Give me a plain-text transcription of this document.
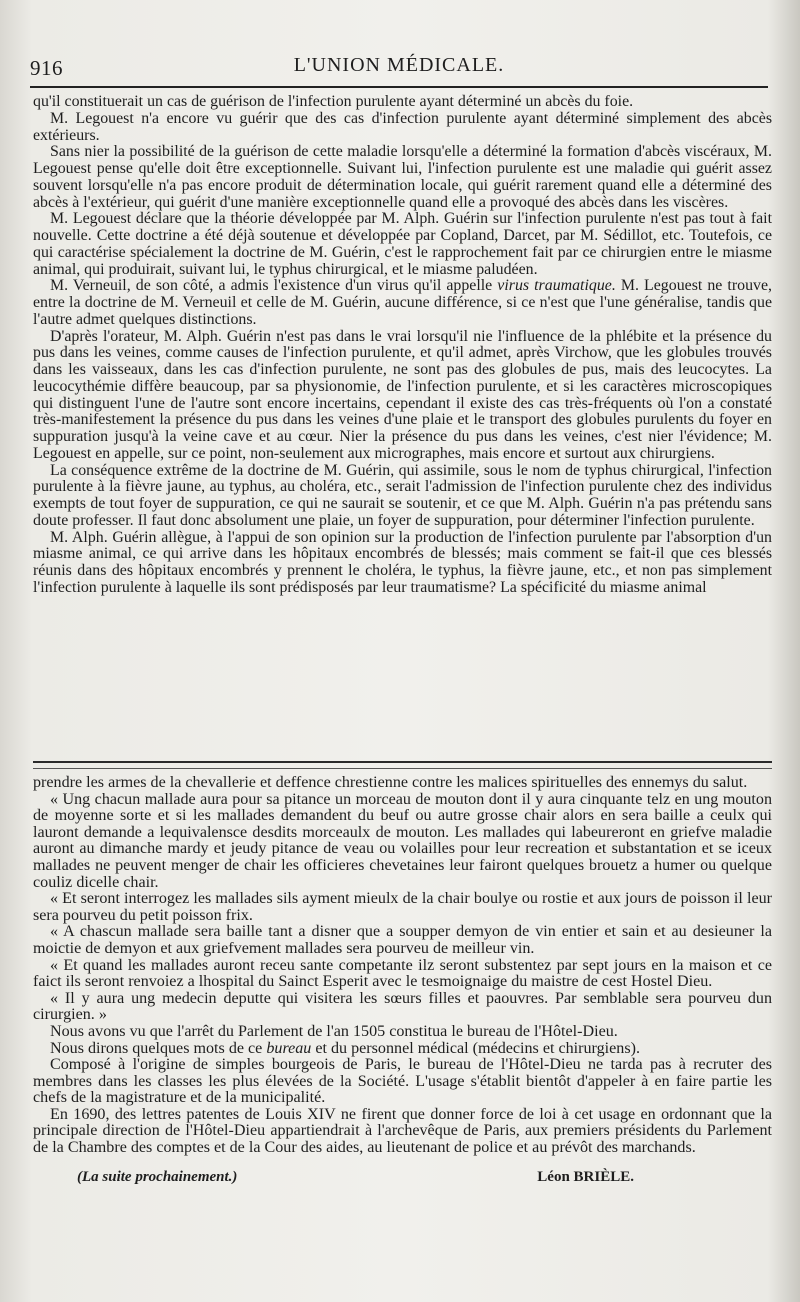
916	L'UNION MÉDICALE.

qu'il constituerait un cas de guérison de l'infection purulente ayant déterminé un abcès du foie.

M. Legouest n'a encore vu guérir que des cas d'infection purulente ayant déterminé simplement des abcès extérieurs.

Sans nier la possibilité de la guérison de cette maladie lorsqu'elle a déterminé la formation d'abcès viscéraux, M. Legouest pense qu'elle doit être exceptionnelle. Suivant lui, l'infection purulente est une maladie qui guérit assez souvent lorsqu'elle n'a pas encore produit de détermination locale, qui guérit rarement quand elle a déterminé des abcès à l'extérieur, qui guérit d'une manière exceptionnelle quand elle a provoqué des abcès dans les viscères.

M. Legouest déclare que la théorie développée par M. Alph. Guérin sur l'infection purulente n'est pas tout à fait nouvelle. Cette doctrine a été déjà soutenue et développée par Copland, Darcet, par M. Sédillot, etc. Toutefois, ce qui caractérise spécialement la doctrine de M. Guérin, c'est le rapprochement fait par ce chirurgien entre le miasme animal, qui produirait, suivant lui, le typhus chirurgical, et le miasme paludéen.

M. Verneuil, de son côté, a admis l'existence d'un virus qu'il appelle virus traumatique. M. Legouest ne trouve, entre la doctrine de M. Verneuil et celle de M. Guérin, aucune différence, si ce n'est que l'une généralise, tandis que l'autre admet quelques distinctions.

D'après l'orateur, M. Alph. Guérin n'est pas dans le vrai lorsqu'il nie l'influence de la phlébite et la présence du pus dans les veines, comme causes de l'infection purulente, et qu'il admet, après Virchow, que les globules trouvés dans les vaisseaux, dans les cas d'infection purulente, ne sont pas des globules de pus, mais des leucocytes. La leucocythémie diffère beaucoup, par sa physionomie, de l'infection purulente, et si les caractères microscopiques qui distinguent l'une de l'autre sont encore incertains, cependant il existe des cas très-fréquents où l'on a constaté très-manifestement la présence du pus dans les veines d'une plaie et le transport des globules purulents du foyer en suppuration jusqu'à la veine cave et au cœur. Nier la présence du pus dans les veines, c'est nier l'évidence; M. Legouest en appelle, sur ce point, non-seulement aux micrographes, mais encore et surtout aux chirurgiens.

La conséquence extrême de la doctrine de M. Guérin, qui assimile, sous le nom de typhus chirurgical, l'infection purulente à la fièvre jaune, au typhus, au choléra, etc., serait l'admission de l'infection purulente chez des individus exempts de tout foyer de suppuration, ce qui ne saurait se soutenir, et ce que M. Alph. Guérin n'a pas prétendu sans doute professer. Il faut donc absolument une plaie, un foyer de suppuration, pour déterminer l'infection purulente.

M. Alph. Guérin allègue, à l'appui de son opinion sur la production de l'infection purulente par l'absorption d'un miasme animal, ce qui arrive dans les hôpitaux encombrés de blessés; mais comment se fait-il que ces blessés réunis dans des hôpitaux encombrés y prennent le choléra, le typhus, la fièvre jaune, etc., et non pas simplement l'infection purulente à laquelle ils sont prédisposés par leur traumatisme? La spécificité du miasme animal

prendre les armes de la chevallerie et deffence chrestienne contre les malices spirituelles des ennemys du salut.

« Ung chacun mallade aura pour sa pitance un morceau de mouton dont il y aura cinquante telz en ung mouton de moyenne sorte et si les mallades demandent du beuf ou autre grosse chair alors en sera baille a ceulx qui lauront demande a lequivalensce desdits morceaulx de mouton. Les mallades qui labeureront en griefve maladie auront au dimanche mardy et jeudy pitance de veau ou volailles pour leur recreation et substantation et se iceux mallades ne peuvent menger de chair les officieres chevetaines leur fairont quelques brouetz a humer ou quelque couliz dicelle chair.

« Et seront interrogez les mallades sils ayment mieulx de la chair boulye ou rostie et aux jours de poisson il leur sera pourveu du petit poisson frix.

« A chascun mallade sera baille tant a disner que a soupper demyon de vin entier et sain et au desieuner la moictie de demyon et aux griefvement mallades sera pourveu de meilleur vin.

« Et quand les mallades auront receu sante competante ilz seront substentez par sept jours en la maison et ce faict ils seront renvoiez a lhospital du Sainct Esperit avec le tesmoignaige du maistre de cest Hostel Dieu.

« Il y aura ung medecin deputte qui visitera les sœurs filles et paouvres. Par semblable sera pourveu dun cirurgien. »

Nous avons vu que l'arrêt du Parlement de l'an 1505 constitua le bureau de l'Hôtel-Dieu.

Nous dirons quelques mots de ce bureau et du personnel médical (médecins et chirurgiens).

Composé à l'origine de simples bourgeois de Paris, le bureau de l'Hôtel-Dieu ne tarda pas à recruter des membres dans les classes les plus élevées de la Société. L'usage s'établit bientôt d'appeler à en faire partie les chefs de la magistrature et de la municipalité.

En 1690, des lettres patentes de Louis XIV ne firent que donner force de loi à cet usage en ordonnant que la principale direction de l'Hôtel-Dieu appartiendrait à l'archevêque de Paris, aux premiers présidents du Parlement de la Chambre des comptes et de la Cour des aides, au lieutenant de police et au prévôt des marchands.

(La suite prochainement.)	Léon BRIÈLE.
